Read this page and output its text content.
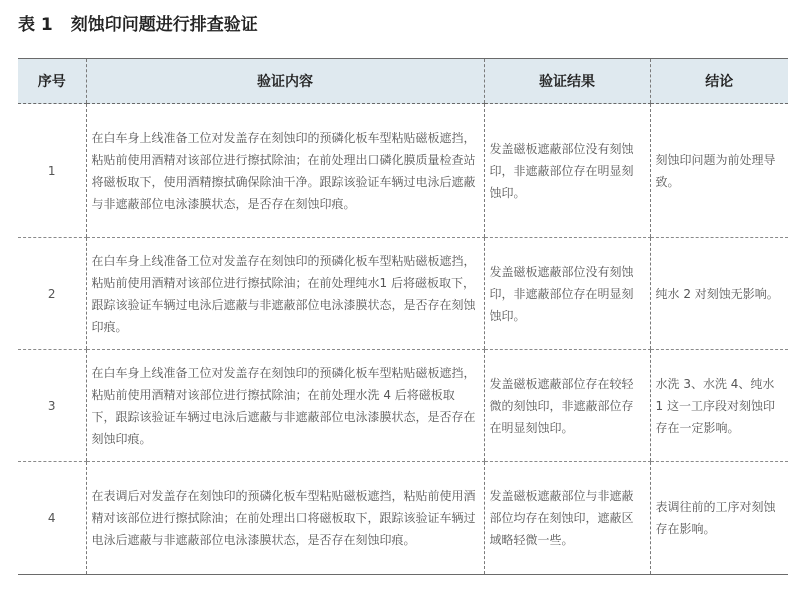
表 1 刻蚀印问题进行排查验证
序号	验证内容	验证结果	结论
1	在白车身上线准备工位对发盖存在刻蚀印的预磷化板车型粘贴磁板遮挡，粘贴前使用酒精对该部位进行擦拭除油；在前处理出口磷化膜质量检查站将磁板取下，使用酒精擦拭确保除油干净。跟踪该验证车辆过电泳后遮蔽与非遮蔽部位电泳漆膜状态，是否存在刻蚀印痕。	发盖磁板遮蔽部位没有刻蚀印，非遮蔽部位存在明显刻蚀印。	刻蚀印问题为前处理导致。
2	在白车身上线准备工位对发盖存在刻蚀印的预磷化板车型粘贴磁板遮挡，粘贴前使用酒精对该部位进行擦拭除油；在前处理纯水1 后将磁板取下，跟踪该验证车辆过电泳后遮蔽与非遮蔽部位电泳漆膜状态，是否存在刻蚀印痕。	发盖磁板遮蔽部位没有刻蚀印，非遮蔽部位存在明显刻蚀印。	纯水 2 对刻蚀无影响。
3	在白车身上线准备工位对发盖存在刻蚀印的预磷化板车型粘贴磁板遮挡，粘贴前使用酒精对该部位进行擦拭除油；在前处理水洗 4 后将磁板取下，跟踪该验证车辆过电泳后遮蔽与非遮蔽部位电泳漆膜状态，是否存在刻蚀印痕。	发盖磁板遮蔽部位存在较轻微的刻蚀印，非遮蔽部位存在明显刻蚀印。	水洗 3、水洗 4、纯水 1 这一工序段对刻蚀印存在一定影响。
4	在表调后对发盖存在刻蚀印的预磷化板车型粘贴磁板遮挡，粘贴前使用酒精对该部位进行擦拭除油；在前处理出口将磁板取下，跟踪该验证车辆过电泳后遮蔽与非遮蔽部位电泳漆膜状态，是否存在刻蚀印痕。	发盖磁板遮蔽部位与非遮蔽部位均存在刻蚀印，遮蔽区域略轻微一些。	表调往前的工序对刻蚀存在影响。
